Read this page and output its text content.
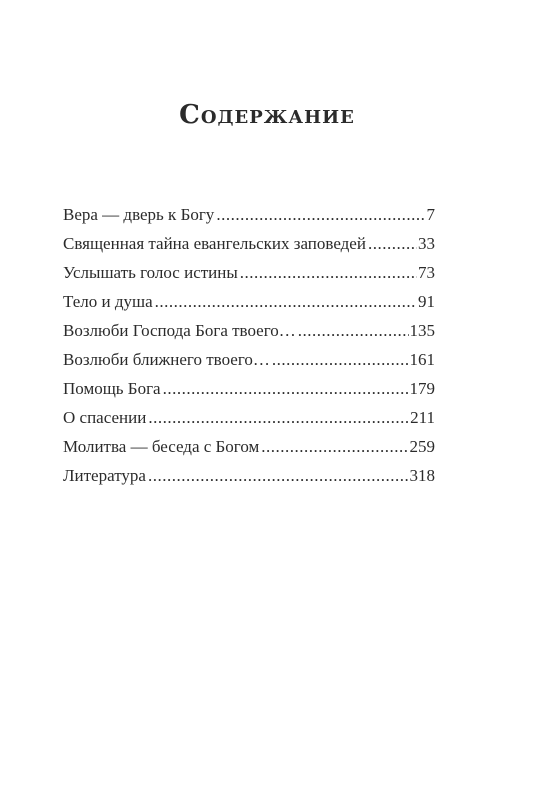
Содержание
Вера — дверь к Богу .....	7
Священная тайна евангельских заповедей .....	33
Услышать голос истины .....	73
Тело и душа .....	91
Возлюби Господа Бога твоего… .....	135
Возлюби ближнего твоего… .....	161
Помощь Бога .....	179
О спасении .....	211
Молитва — беседа с Богом .....	259
Литература .....	318
